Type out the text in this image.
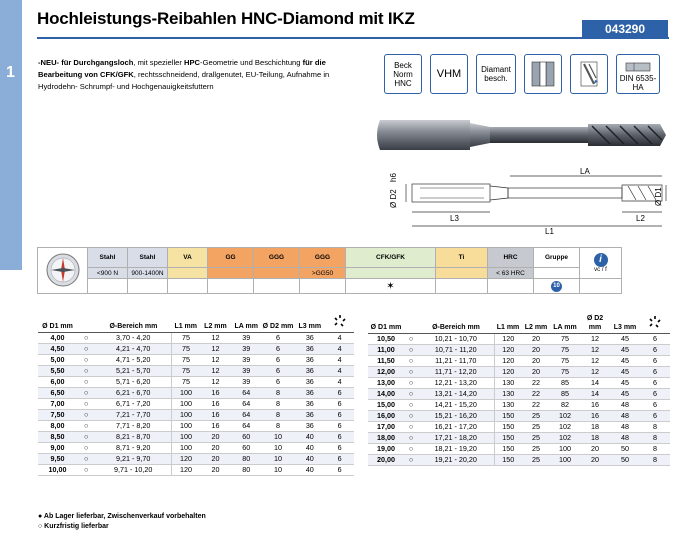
1
Hochleistungs-Reibahlen HNC-Diamond mit IKZ
043290
-NEU- für Durchgangsloch, mit spezieller HPC-Geometrie und Beschichtung für die Bearbeitung von CFK/GFK, rechtsschneidend, drallgenutet, EU-Teilung, Aufnahme in Hydrodehn- Schrumpf- und Hochgenauigkeitsfuttern
Beck Norm HNC
VHM	Diamant besch.	DIN 6535-HA
LA
L1
L3	L2
Ø D1
Ø D2
h6
	Stahl	Stahl	VA	GG	GGG	GGG	CFK/GFK	Ti	HRC	Gruppe	i
vc / f

	<900 N	900-1400N				>GG50			< 63 HRC		
							✶			10	
Ø D1 mm		Ø-Bereich mm	L1 mm	L2 mm	LA mm	Ø D2 mm	L3 mm	
4,00	○	3,70 - 4,20	75	12	39	6	36	4
4,50	○	4,21 - 4,70	75	12	39	6	36	4
5,00	○	4,71 - 5,20	75	12	39	6	36	4
5,50	○	5,21 - 5,70	75	12	39	6	36	4
6,00	○	5,71 - 6,20	75	12	39	6	36	4
6,50	○	6,21 - 6,70	100	16	64	8	36	6
7,00	○	6,71 - 7,20	100	16	64	8	36	6
7,50	○	7,21 - 7,70	100	16	64	8	36	6
8,00	○	7,71 - 8,20	100	16	64	8	36	6
8,50	○	8,21 - 8,70	100	20	60	10	40	6
9,00	○	8,71 - 9,20	100	20	60	10	40	6
9,50	○	9,21 - 9,70	120	20	80	10	40	6
10,00	○	9,71 - 10,20	120	20	80	10	40	6
Ø D1 mm		Ø-Bereich mm	L1 mm	L2 mm	LA mm	Ø D2 mm	L3 mm	
10,50	○	10,21 - 10,70	120	20	75	12	45	6
11,00	○	10,71 - 11,20	120	20	75	12	45	6
11,50	○	11,21 - 11,70	120	20	75	12	45	6
12,00	○	11,71 - 12,20	120	20	75	12	45	6
13,00	○	12,21 - 13,20	130	22	85	14	45	6
14,00	○	13,21 - 14,20	130	22	85	14	45	6
15,00	○	14,21 - 15,20	130	22	82	16	48	6
16,00	○	15,21 - 16,20	150	25	102	16	48	6
17,00	○	16,21 - 17,20	150	25	102	18	48	8
18,00	○	17,21 - 18,20	150	25	102	18	48	8
19,00	○	18,21 - 19,20	150	25	100	20	50	8
20,00	○	19,21 - 20,20	150	25	100	20	50	8
● Ab Lager lieferbar, Zwischenverkauf vorbehalten
○ Kurzfristig lieferbar
